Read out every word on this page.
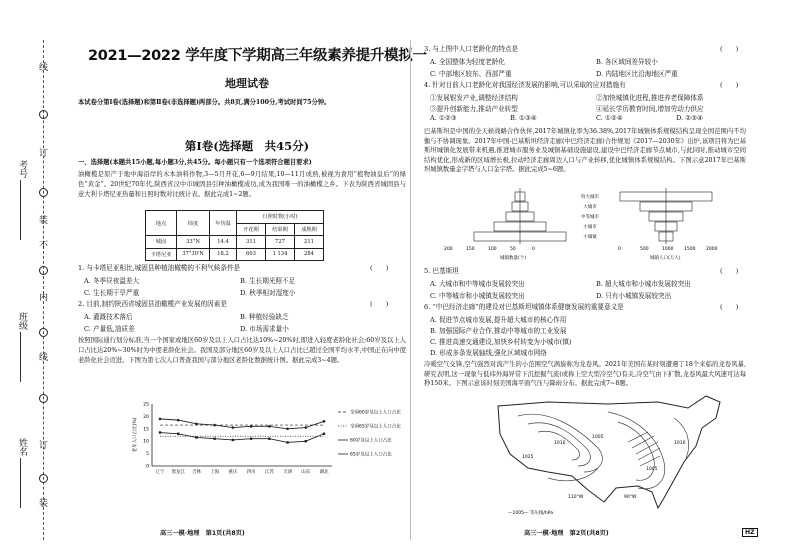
线
订
装
不
内
线
订
装
考号
班级
姓名
2021—2022 学年度下学期高三年级素养提升模拟一
地理试卷
本试卷分第Ⅰ卷(选择题)和第Ⅱ卷(非选择题)两部分。共8页,满分100分,考试时间75分钟。
第Ⅰ卷(选择题　共45分)
一、选择题(本题共15小题,每小题3分,共45分。每小题只有一个选项符合题目要求)
油橄榄是原产于地中海沿岸的木本油料作物,3—5月开花,6—9月结果,10—11月成熟,被视为食用“植物油皇后”的绿色“黄金”。20世纪70年代,陕西省汉中市城固县引种油橄榄成功,成为我国唯一的油橄榄之乡。下表为陕西省城固县与意大利卡塔尼亚热量和日照时数对比统计表。据此完成1~2题。
地点	纬度	年均温	日照时数(小时)		
			开花期	结果期	成熟期
城固	33°N	14.4	311	727	211
卡塔尼亚	37°30′N	18.2	603	1 134	284
1. 与卡塔尼亚相比,城固县种植油橄榄的不利气候条件是	(　　)
A. 冬季昼夜温差大	B. 生长期光照不足
C. 生长期干旱严重	D. 秋季相对湿度小
2. 目前,制约陕西省城固县油橄榄产业发展的因素是	(　　)
A. 灌溉技术落后	B. 种植经验缺乏
C. 产量低,油质差	D. 市场需求量小
按照国际通行划分标准,当一个国家或地区60岁及以上人口占比达10%~20%时,即进入轻度老龄化社会;60岁及以上人口占比达20%~30%时为中度老龄化社会。我国及部分地区60岁及以上人口占比已超过全国平均水平,中国正在向中度老龄化社会迈进。下图为第七次人口普查我国与部分地区老龄化数据统计图。据此完成3~4题。
25
20
15
10
5
0
老年人口占比(%)
辽宁 黑龙江 吉林 上海 重庆 四川 江苏 天津 山东 湖北
全国60岁及以上人口占比
全国65岁及以上人口占比
60岁及以上人口占比
65岁及以上人口占比
高三一模·地理　第1页(共8页)
3. 与上图中人口老龄化的特点是	(　　)
A. 全国整体为轻度老龄化	B. 各区域间差异较小
C. 中部地区较东、西部严重	D. 内陆地区比沿海地区严重
4. 针对目前人口老龄化对我国经济发展的影响,可以采取的应对措施有	(　　)
①发展银发产业,调整经济结构	②加快城镇化进程,推进养老保障体系
③提升创新能力,推动产业转型	④延长学历教育时间,增加劳动力供应
A. ①②③	B. ①③④	C. ①②④	D. ②③④
巴基斯坦是中国的全天候战略合作伙伴,2017年城镇化率为36.38%,2017年城镇体系规模结构呈现全国范围内不均衡与不协调现象。2017年中国-巴基斯坦经济走廊(中巴经济走廊)合作规划《2017—2030年》出炉,该项目将为巴基斯坦城镇化发展带来机遇,推进城市服务业及城镇基础设施建设,建设中巴经济走廊节点城市,与此同时,推动城市空间结构优化,形成新的区域增长极,拉动经济走廊周边人口与产业转移,优化城镇体系规模结构。下图示意2017年巴基斯坦城镇数量金字塔与人口金字塔。据此完成5~6题。
特大城市
大城市
中等城市
小城市
小城镇
200	150	100	50	0	0	500	1000 1500 2000
城镇数量(个)	城镇人口(万人)
5. 巴基斯坦	(　　)
A. 大城市和中等城市发展较突出	B. 超大城市和小城市发展较突出
C. 中等城市和小城镇发展较突出	D. 只有小城镇发展较突出
6. “中巴经济走廊”的建设对巴基斯坦城镇体系健康发展的重要意义是	(　　)
A. 促进节点城市发展,提升超大城市的核心作用
B. 加强国际产业合作,推动中等城市的工业发展
C. 推进高速交通建设,加快乡村转变为小城市(镇)
D. 形成多条发展轴线,强化区域城市网络
冷暖空气交锋,空气强烈对流产生的小范围空气涡旋称为龙卷风。2021年美国在某时刻遭遇了18个来临的龙卷风暴,研究表明,这一现象与低纬外海异常下沉挖掘气流(或称上空大型冷空气)有关,冷空气由下扩散,龙卷风最大风速可达每秒150米。下图示意该时刻美国海平面气压与降雨分布。据此完成7~8题。
1010
1005
1005
1025
1010
110°W	90°W
—1005— 等压线/hPa
高三一模·地理　第2页(共8页)	HZ
